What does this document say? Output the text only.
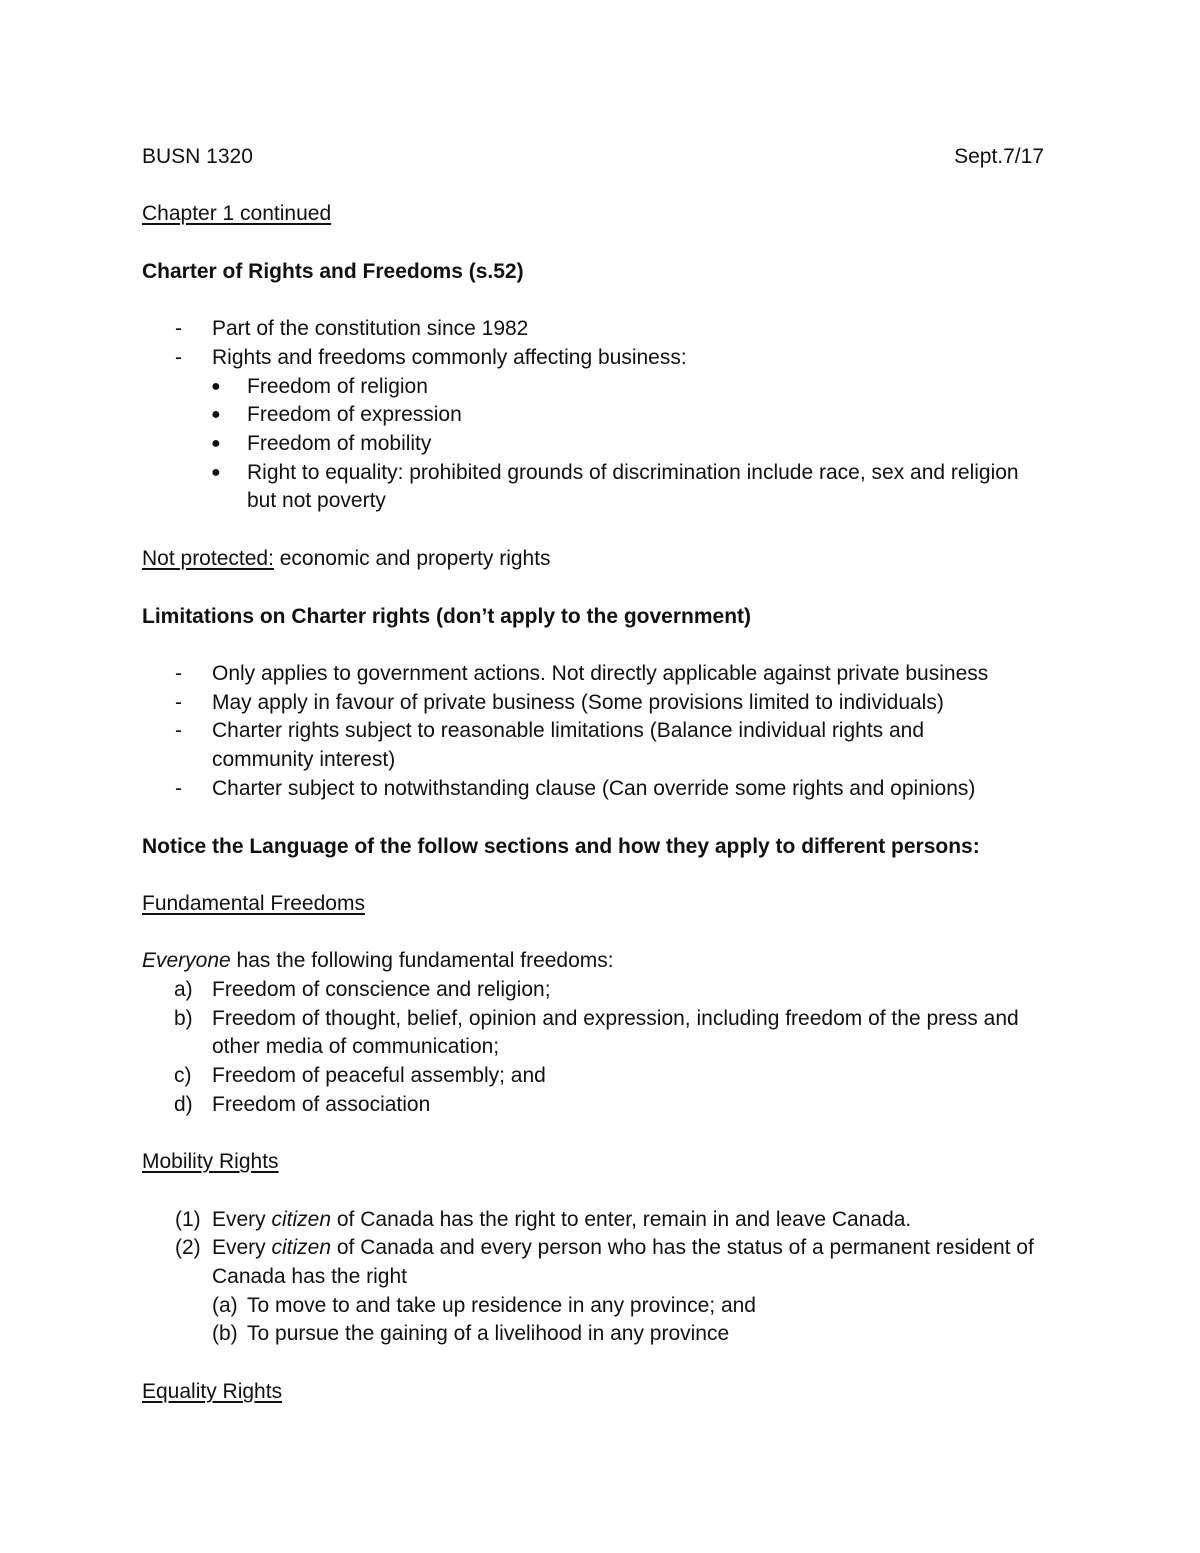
BUSN 1320	Sept.7/17
Chapter 1 continued
Charter of Rights and Freedoms (s.52)
- Part of the constitution since 1982
- Rights and freedoms commonly affecting business:
● Freedom of religion
● Freedom of expression
● Freedom of mobility
● Right to equality: prohibited grounds of discrimination include race, sex and religion
but not poverty
Not protected: economic and property rights
Limitations on Charter rights (don’t apply to the government)
- Only applies to government actions. Not directly applicable against private business
- May apply in favour of private business (Some provisions limited to individuals)
- Charter rights subject to reasonable limitations (Balance individual rights and
community interest)
- Charter subject to notwithstanding clause (Can override some rights and opinions)
Notice the Language of the follow sections and how they apply to different persons:
Fundamental Freedoms
Everyone has the following fundamental freedoms:
a) Freedom of conscience and religion;
b) Freedom of thought, belief, opinion and expression, including freedom of the press and
other media of communication;
c) Freedom of peaceful assembly; and
d) Freedom of association
Mobility Rights
(1) Every citizen of Canada has the right to enter, remain in and leave Canada.
(2) Every citizen of Canada and every person who has the status of a permanent resident of
Canada has the right
(a) To move to and take up residence in any province; and
(b) To pursue the gaining of a livelihood in any province
Equality Rights
